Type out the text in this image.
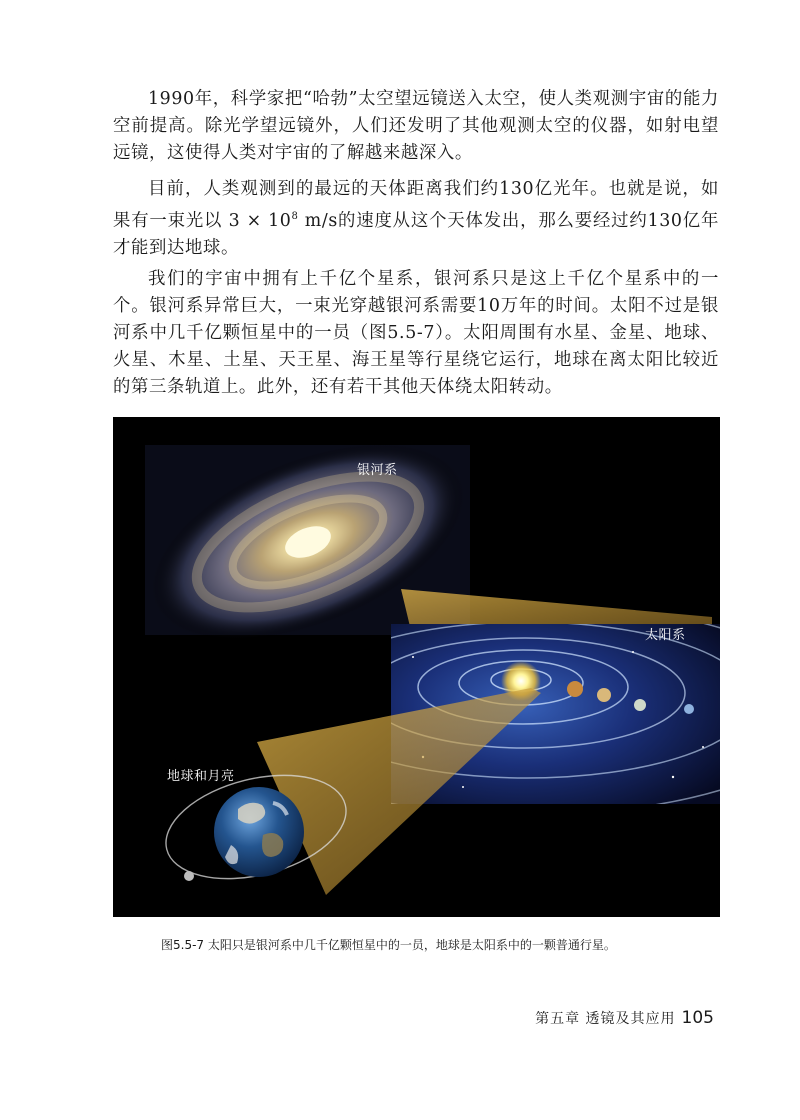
1990年，科学家把“哈勃”太空望远镜送入太空，使人类观测宇宙的能力空前提高。除光学望远镜外，人们还发明了其他观测太空的仪器，如射电望远镜，这使得人类对宇宙的了解越来越深入。

目前，人类观测到的最远的天体距离我们约130亿光年。也就是说，如果有一束光以 $3 \times 10^8$ m/s的速度从这个天体发出，那么要经过约130亿年才能到达地球。

我们的宇宙中拥有上千亿个星系，银河系只是这上千亿个星系中的一个。银河系异常巨大，一束光穿越银河系需要10万年的时间。太阳不过是银河系中几千亿颗恒星中的一员（图5.5-7）。太阳周围有水星、金星、地球、火星、木星、土星、天王星、海王星等行星绕它运行，地球在离太阳比较近的第三条轨道上。此外，还有若干其他天体绕太阳转动。

银河系
太阳系
地球和月亮
图5.5-7 太阳只是银河系中几千亿颗恒星中的一员，地球是太阳系中的一颗普通行星。
第五章 透镜及其应用 105
